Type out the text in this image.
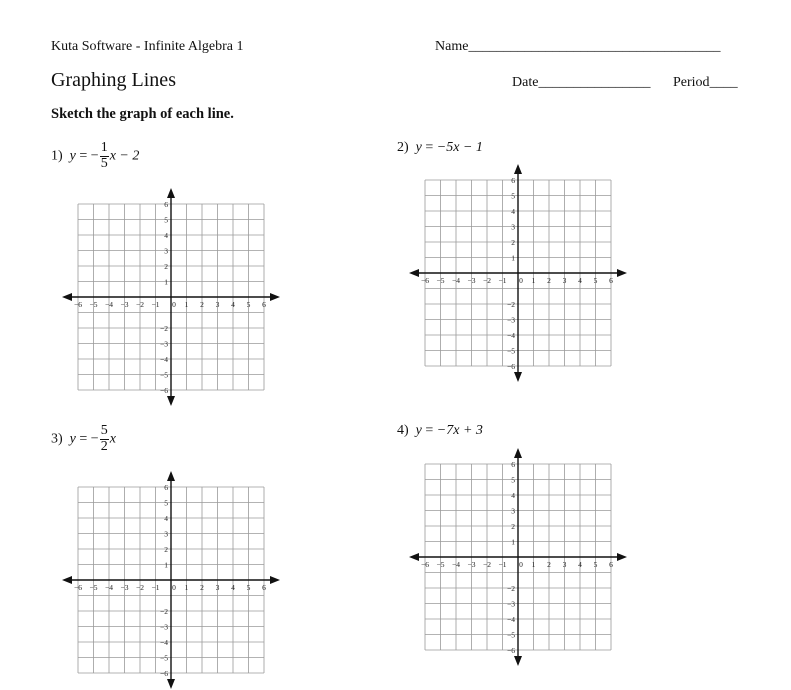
Kuta Software - Infinite Algebra 1	Name____________________________________
Graphing Lines	Date________________ Period____
Sketch the graph of each line.
1) y = − $\frac{1}{5}$ x − 2
2) y = −5x − 1
3) y = − $\frac{5}{2}$ x
4) y = −7x + 3
−6 −5 −4 −3 −2 −1 0 1 2 3 4 5 6
1
2
3
4
5
6
−2
−3
−4
−5
−6
−6 −5 −4 −3 −2 −1 0 1 2 3 4 5 6
1
2
3
4
5
6
−2
−3
−4
−5
−6
−6 −5 −4 −3 −2 −1 0 1 2 3 4 5 6
1
2
3
4
5
6
−2
−3
−4
−5
−6
−6 −5 −4 −3 −2 −1 0 1 2 3 4 5 6
1
2
3
4
5
6
−2
−3
−4
−5
−6
